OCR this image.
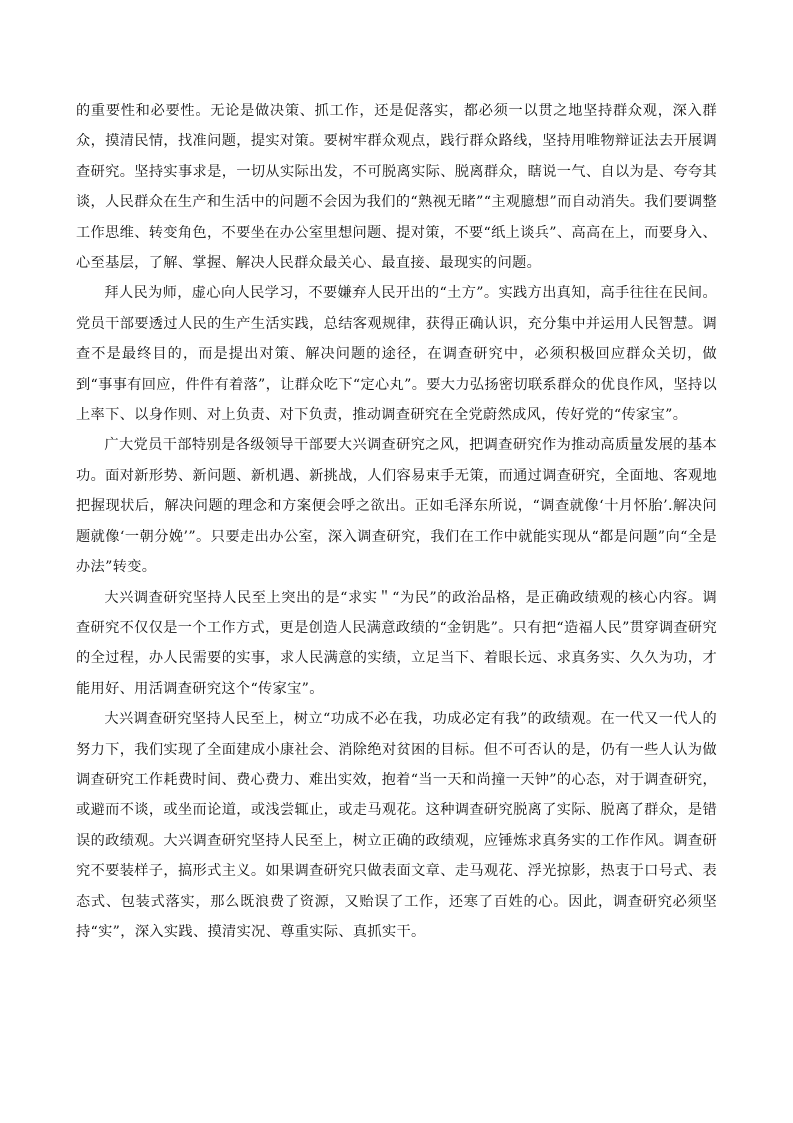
的重要性和必要性。无论是做决策、抓工作，还是促落实，都必须一以贯之地坚持群众观，深入群众，摸清民情，找准问题，提实对策。要树牢群众观点，践行群众路线，坚持用唯物辩证法去开展调查研究。坚持实事求是，一切从实际出发，不可脱离实际、脱离群众，瞎说一气、自以为是、夸夸其谈，人民群众在生产和生活中的问题不会因为我们的“熟视无睹”“主观臆想”而自动消失。我们要调整工作思维、转变角色，不要坐在办公室里想问题、提对策，不要“纸上谈兵”、高高在上，而要身入、心至基层，了解、掌握、解决人民群众最关心、最直接、最现实的问题。

拜人民为师，虚心向人民学习，不要嫌弃人民开出的“土方”。实践方出真知，高手往往在民间。党员干部要透过人民的生产生活实践，总结客观规律，获得正确认识，充分集中并运用人民智慧。调查不是最终目的，而是提出对策、解决问题的途径，在调查研究中，必须积极回应群众关切，做到“事事有回应，件件有着落”，让群众吃下“定心丸”。要大力弘扬密切联系群众的优良作风，坚持以上率下、以身作则、对上负责、对下负责，推动调查研究在全党蔚然成风，传好党的“传家宝”。

广大党员干部特别是各级领导干部要大兴调查研究之风，把调查研究作为推动高质量发展的基本功。面对新形势、新问题、新机遇、新挑战，人们容易束手无策，而通过调查研究，全面地、客观地把握现状后，解决问题的理念和方案便会呼之欲出。正如毛泽东所说，“调查就像‘十月怀胎’.解决问题就像‘一朝分娩’”。只要走出办公室，深入调查研究，我们在工作中就能实现从“都是问题”向“全是办法”转变。

大兴调查研究坚持人民至上突出的是“求实＂“为民”的政治品格，是正确政绩观的核心内容。调查研究不仅仅是一个工作方式，更是创造人民满意政绩的“金钥匙”。只有把“造福人民”贯穿调查研究的全过程，办人民需要的实事，求人民满意的实绩，立足当下、着眼长远、求真务实、久久为功，才能用好、用活调查研究这个“传家宝”。

大兴调查研究坚持人民至上，树立“功成不必在我，功成必定有我”的政绩观。在一代又一代人的努力下，我们实现了全面建成小康社会、消除绝对贫困的目标。但不可否认的是，仍有一些人认为做调查研究工作耗费时间、费心费力、难出实效，抱着“当一天和尚撞一天钟”的心态，对于调查研究，或避而不谈，或坐而论道，或浅尝辄止，或走马观花。这种调查研究脱离了实际、脱离了群众，是错误的政绩观。大兴调查研究坚持人民至上，树立正确的政绩观，应锤炼求真务实的工作作风。调查研究不要装样子，搞形式主义。如果调查研究只做表面文章、走马观花、浮光掠影，热衷于口号式、表态式、包装式落实，那么既浪费了资源，又贻误了工作，还寒了百姓的心。因此，调查研究必须坚持“实”，深入实践、摸清实况、尊重实际、真抓实干。
